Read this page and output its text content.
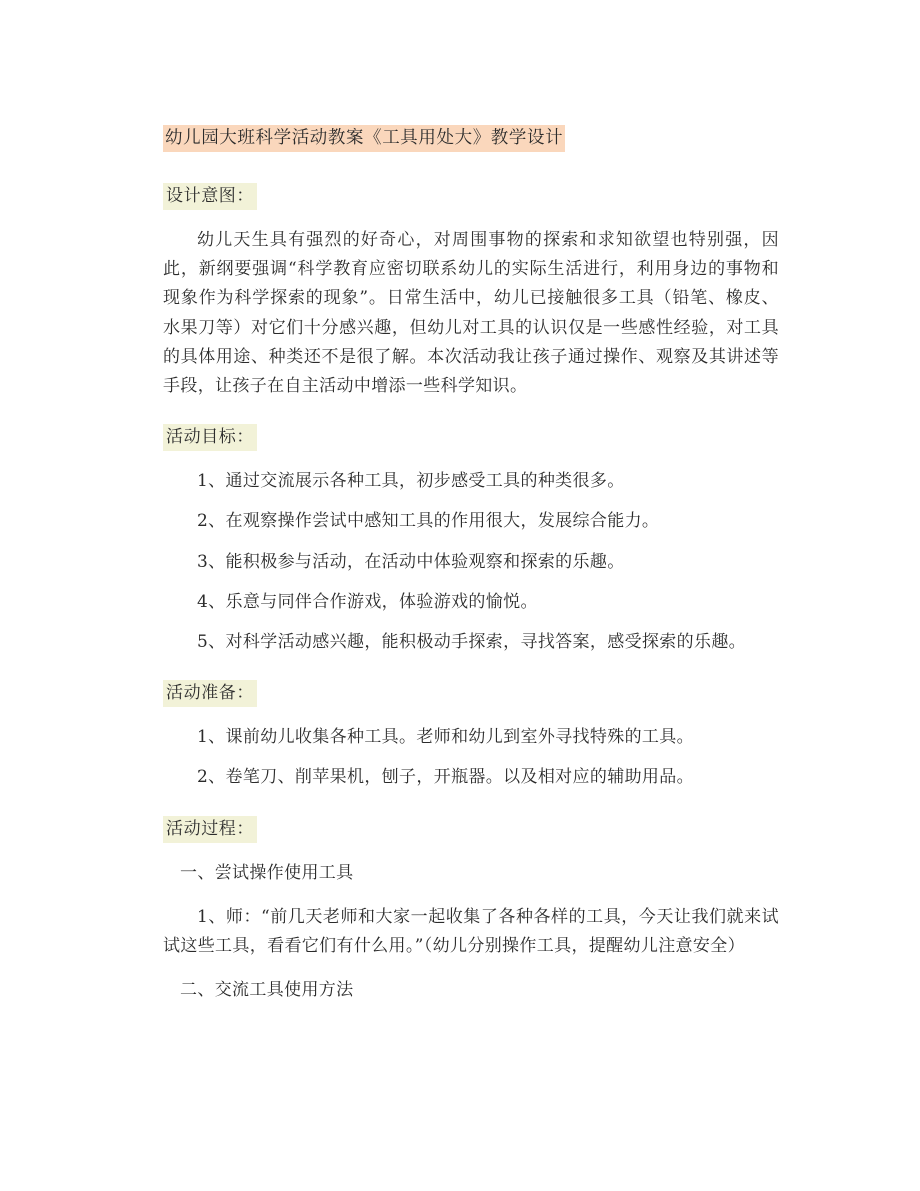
幼儿园大班科学活动教案《工具用处大》教学设计
设计意图：

幼儿天生具有强烈的好奇心，对周围事物的探索和求知欲望也特别强，因此，新纲要强调“科学教育应密切联系幼儿的实际生活进行，利用身边的事物和现象作为科学探索的现象”。日常生活中，幼儿已接触很多工具（铅笔、橡皮、水果刀等）对它们十分感兴趣，但幼儿对工具的认识仅是一些感性经验，对工具的具体用途、种类还不是很了解。本次活动我让孩子通过操作、观察及其讲述等手段，让孩子在自主活动中增添一些科学知识。

活动目标：

1、通过交流展示各种工具，初步感受工具的种类很多。

2、在观察操作尝试中感知工具的作用很大，发展综合能力。

3、能积极参与活动，在活动中体验观察和探索的乐趣。

4、乐意与同伴合作游戏，体验游戏的愉悦。

5、对科学活动感兴趣，能积极动手探索，寻找答案，感受探索的乐趣。

活动准备：

1、课前幼儿收集各种工具。老师和幼儿到室外寻找特殊的工具。

2、卷笔刀、削苹果机，刨子，开瓶器。以及相对应的辅助用品。

活动过程：

一、尝试操作使用工具

1、师：“前几天老师和大家一起收集了各种各样的工具，今天让我们就来试试这些工具，看看它们有什么用。”（幼儿分别操作工具，提醒幼儿注意安全）

二、交流工具使用方法
